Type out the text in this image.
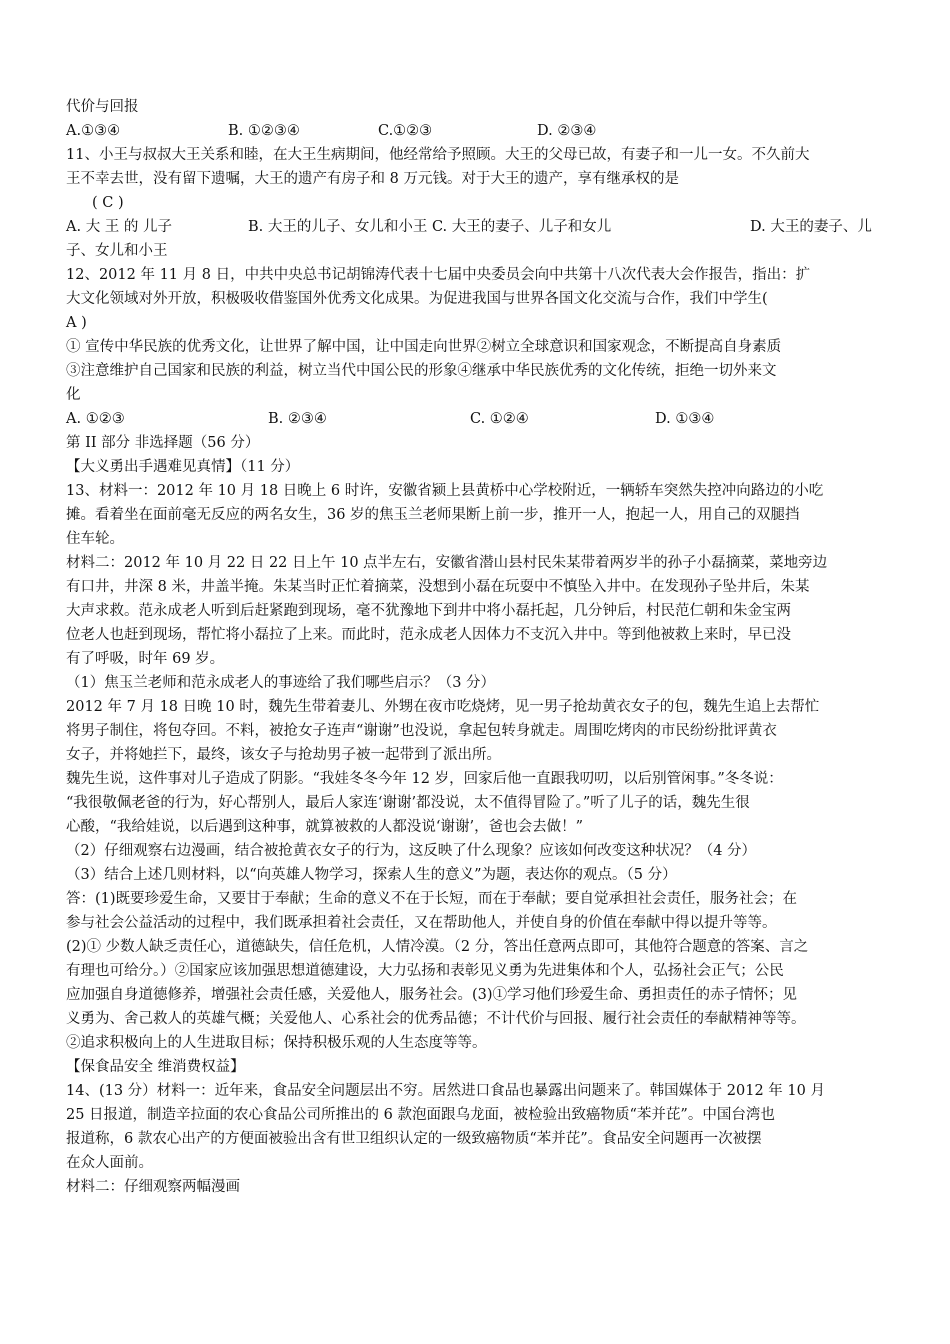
代价与回报
A.①③④	B. ①②③④	C.①②③	D. ②③④
11、小王与叔叔大王关系和睦，在大王生病期间，他经常给予照顾。大王的父母已故，有妻子和一儿一女。不久前大
王不幸去世，没有留下遗嘱，大王的遗产有房子和 8 万元钱。对于大王的遗产，享有继承权的是
( C )
A. 大 王 的 儿子	B. 大王的儿子、女儿和小王 C. 大王的妻子、儿子和女儿	D. 大王的妻子、儿
子、女儿和小王
12、2012 年 11 月 8 日，中共中央总书记胡锦涛代表十七届中央委员会向中共第十八次代表大会作报告，指出：扩
大文化领域对外开放，积极吸收借鉴国外优秀文化成果。为促进我国与世界各国文化交流与合作，我们中学生(
A )
① 宣传中华民族的优秀文化，让世界了解中国，让中国走向世界②树立全球意识和国家观念，不断提高自身素质
③注意维护自己国家和民族的利益，树立当代中国公民的形象④继承中华民族优秀的文化传统，拒绝一切外来文
化
A. ①②③	B. ②③④	C. ①②④	D. ①③④
第 II 部分 非选择题（56 分）
【大义勇出手遇难见真情】（11 分）
13、材料一：2012 年 10 月 18 日晚上 6 时许，安徽省颍上县黄桥中心学校附近，一辆轿车突然失控冲向路边的小吃
摊。看着坐在面前毫无反应的两名女生，36 岁的焦玉兰老师果断上前一步，推开一人，抱起一人，用自己的双腿挡
住车轮。
材料二：2012 年 10 月 22 日 22 日上午 10 点半左右，安徽省潜山县村民朱某带着两岁半的孙子小磊摘菜，菜地旁边
有口井，井深 8 米，井盖半掩。朱某当时正忙着摘菜，没想到小磊在玩耍中不慎坠入井中。在发现孙子坠井后，朱某
大声求救。范永成老人听到后赶紧跑到现场，毫不犹豫地下到井中将小磊托起，几分钟后，村民范仁朝和朱金宝两
位老人也赶到现场，帮忙将小磊拉了上来。而此时，范永成老人因体力不支沉入井中。等到他被救上来时，早已没
有了呼吸，时年 69 岁。
（1）焦玉兰老师和范永成老人的事迹给了我们哪些启示？（3 分）
2012 年 7 月 18 日晚 10 时，魏先生带着妻儿、外甥在夜市吃烧烤，见一男子抢劫黄衣女子的包，魏先生追上去帮忙
将男子制住，将包夺回。不料，被抢女子连声“谢谢”也没说，拿起包转身就走。周围吃烤肉的市民纷纷批评黄衣
女子，并将她拦下，最终，该女子与抢劫男子被一起带到了派出所。
魏先生说，这件事对儿子造成了阴影。“我娃冬冬今年 12 岁，回家后他一直跟我叨叨，以后别管闲事。”冬冬说：
“我很敬佩老爸的行为，好心帮别人，最后人家连‘谢谢’都没说，太不值得冒险了。”听了儿子的话，魏先生很
心酸，“我给娃说，以后遇到这种事，就算被救的人都没说‘谢谢’，爸也会去做！”
（2）仔细观察右边漫画，结合被抢黄衣女子的行为，这反映了什么现象？应该如何改变这种状况？（4 分）
（3）结合上述几则材料，以“向英雄人物学习，探索人生的意义”为题，表达你的观点。（5 分）
答：(1)既要珍爱生命，又要甘于奉献；生命的意义不在于长短，而在于奉献；要自觉承担社会责任，服务社会；在
参与社会公益活动的过程中，我们既承担着社会责任，又在帮助他人，并使自身的价值在奉献中得以提升等等。
(2)① 少数人缺乏责任心，道德缺失，信任危机，人情冷漠。（2 分，答出任意两点即可，其他符合题意的答案、言之
有理也可给分。）②国家应该加强思想道德建设，大力弘扬和表彰见义勇为先进集体和个人，弘扬社会正气；公民
应加强自身道德修养，增强社会责任感，关爱他人，服务社会。(3)①学习他们珍爱生命、勇担责任的赤子情怀；见
义勇为、舍己救人的英雄气概；关爱他人、心系社会的优秀品德；不计代价与回报、履行社会责任的奉献精神等等。
②追求积极向上的人生进取目标；保持积极乐观的人生态度等等。
【保食品安全 维消费权益】
14、(13 分）材料一：近年来，食品安全问题层出不穷。居然进口食品也暴露出问题来了。韩国媒体于 2012 年 10 月
25 日报道，制造辛拉面的农心食品公司所推出的 6 款泡面跟乌龙面，被检验出致癌物质“苯并芘”。中国台湾也
报道称，6 款农心出产的方便面被验出含有世卫组织认定的一级致癌物质“苯并芘”。食品安全问题再一次被摆
在众人面前。
材料二：仔细观察两幅漫画
